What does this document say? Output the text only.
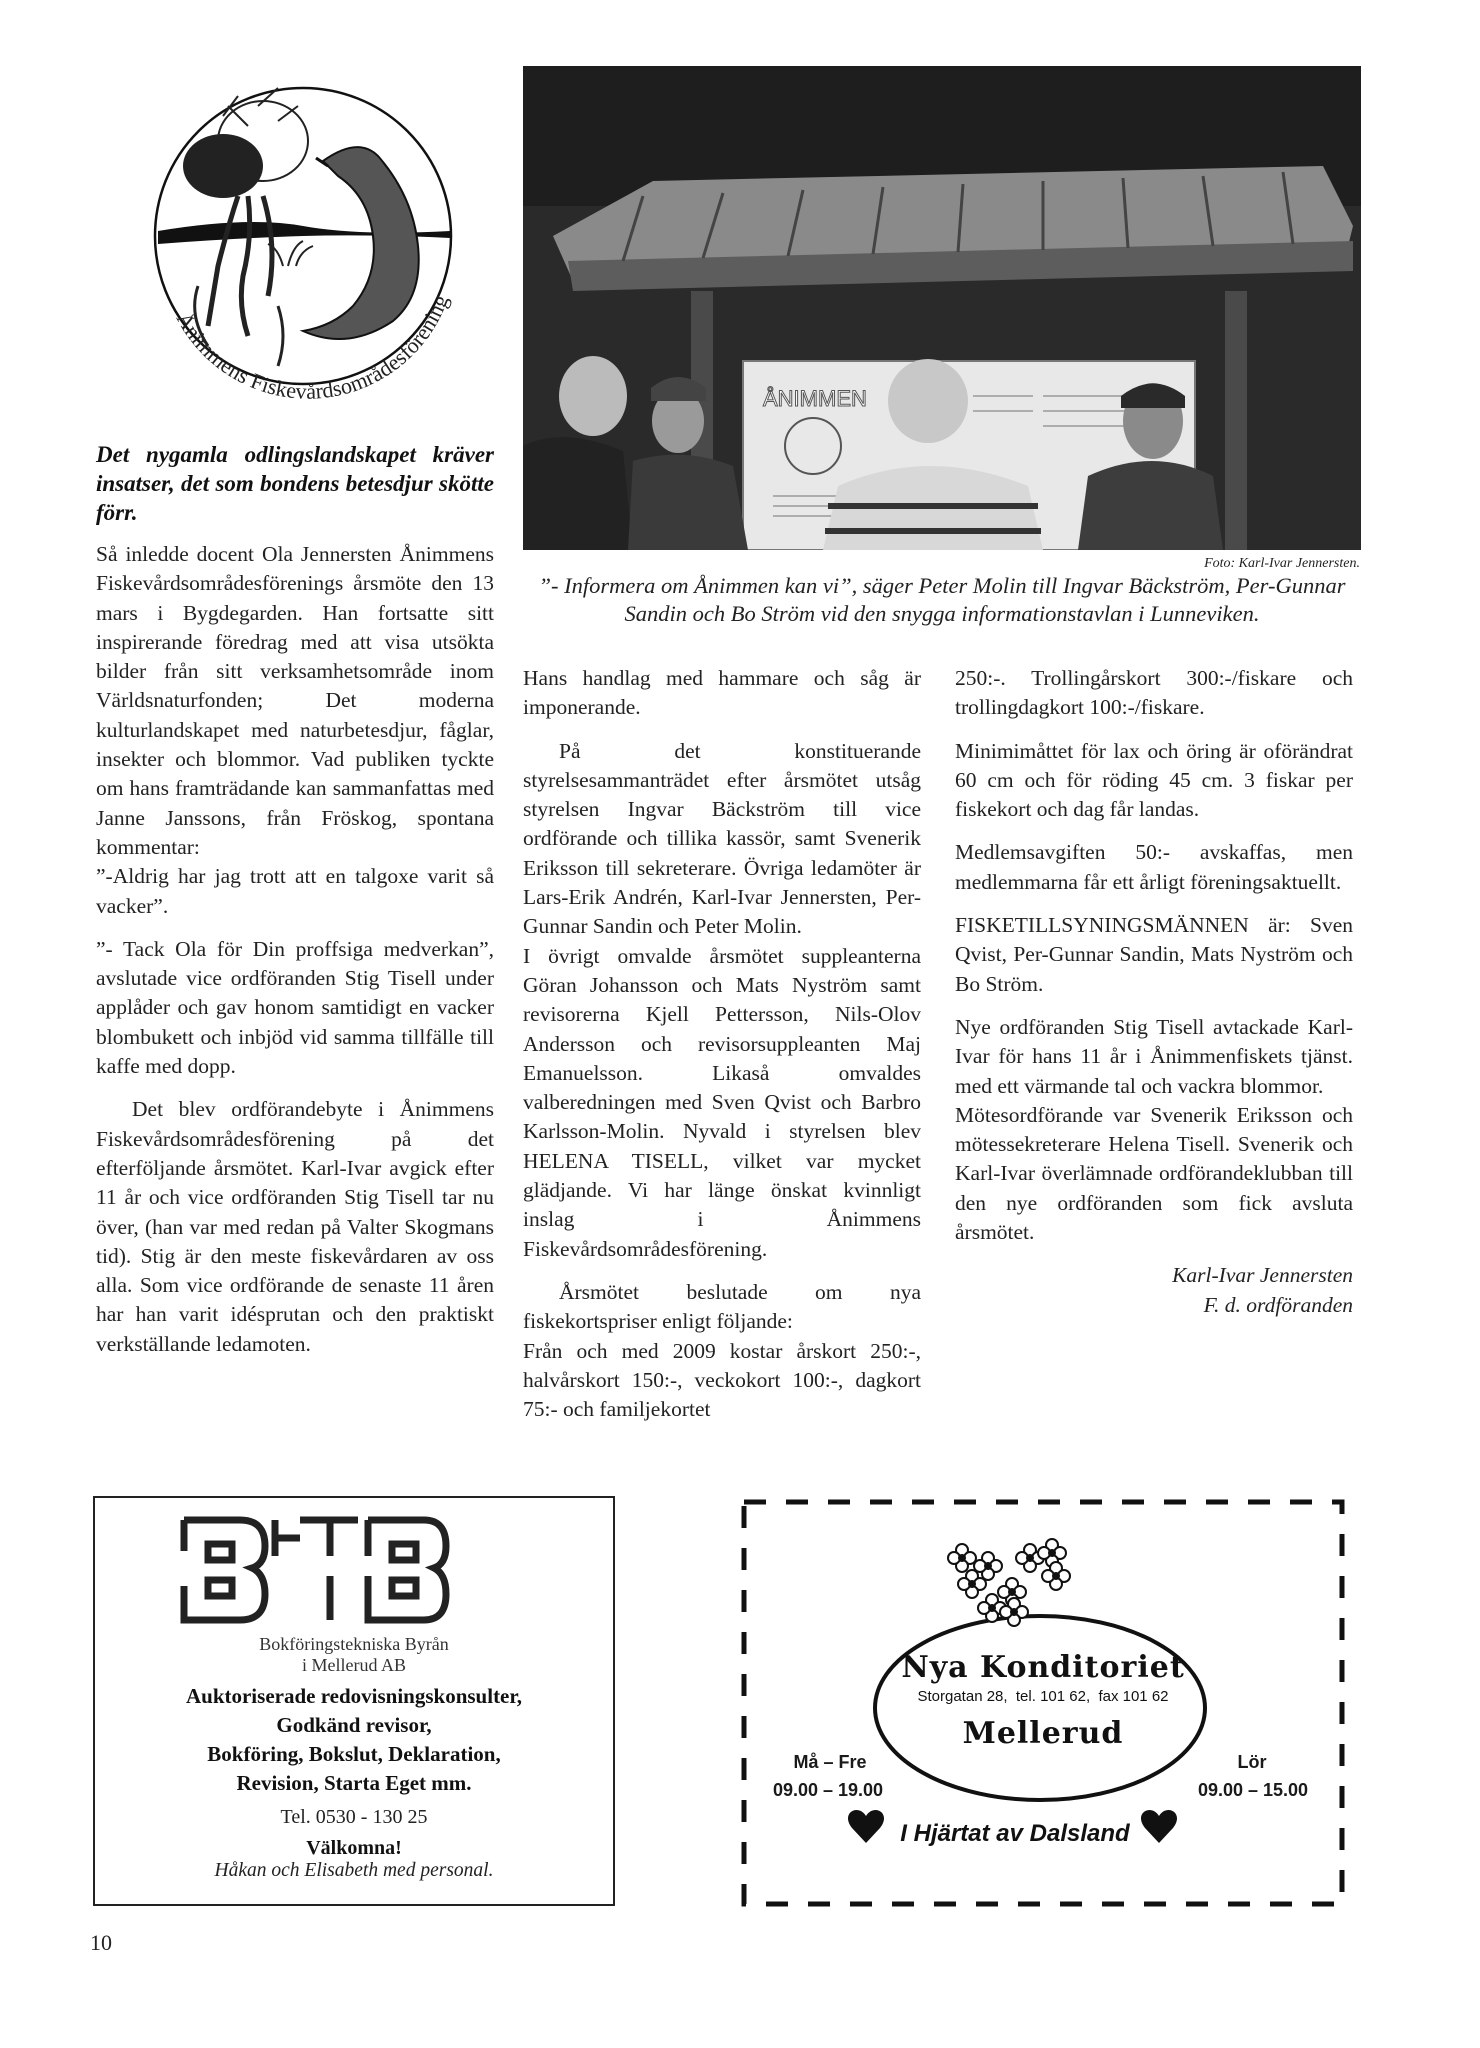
Ånimmens Fiskevårdsområdesförening
Det nygamla odlingslandskapet kräver insatser, det som bondens betesdjur skötte förr.

Så inledde docent Ola Jennersten Ånimmens Fiskevårdsområdesförenings årsmöte den 13 mars i Bygdegarden. Han fortsatte sitt inspirerande föredrag med att visa utsökta bilder från sitt verksamhetsområde inom Världsnaturfonden; Det moderna kulturlandskapet med naturbetesdjur, fåglar, insekter och blommor. Vad publiken tyckte om hans framträdande kan sammanfattas med Janne Janssons, från Fröskog, spontana kommentar:

”-Aldrig har jag trott att en talgoxe varit så vacker”.

”- Tack Ola för Din proffsiga medverkan”, avslutade vice ordföranden Stig Tisell under applåder och gav honom samtidigt en vacker blombukett och inbjöd vid samma tillfälle till kaffe med dopp.

Det blev ordförandebyte i Ånimmens Fiskevårdsområdesförening på det efterföljande årsmötet. Karl-Ivar avgick efter 11 år och vice ordföranden Stig Tisell tar nu över, (han var med redan på Valter Skogmans tid). Stig är den meste fiskevårdaren av oss alla. Som vice ordförande de senaste 11 åren har han varit idésprutan och den praktiskt verkställande ledamoten.

ÅNIMMEN
Foto: Karl-Ivar Jennersten.
”- Informera om Ånimmen kan vi”, säger Peter Molin till Ingvar Bäckström, Per-Gunnar Sandin och Bo Ström vid den snygga informationstavlan i Lunneviken.

Hans handlag med hammare och såg är imponerande.

På det konstituerande styrelsesammanträdet efter årsmötet utsåg styrelsen Ingvar Bäckström till vice ordförande och tillika kassör, samt Svenerik Eriksson till sekreterare. Övriga ledamöter är Lars-Erik Andrén, Karl-Ivar Jennersten, Per-Gunnar Sandin och Peter Molin.

I övrigt omvalde årsmötet suppleanterna Göran Johansson och Mats Nyström samt revisorerna Kjell Pettersson, Nils-Olov Andersson och revisorsuppleanten Maj Emanuelsson. Likaså omvaldes valberedningen med Sven Qvist och Barbro Karlsson-Molin. Nyvald i styrelsen blev HELENA TISELL, vilket var mycket glädjande. Vi har länge önskat kvinnligt inslag i Ånimmens Fiskevårdsområdesförening.

Årsmötet beslutade om nya fiskekortspriser enligt följande:

Från och med 2009 kostar årskort 250:-, halvårskort 150:-, veckokort 100:-, dagkort 75:- och familjekortet

250:-. Trollingårskort 300:-/fiskare och trollingdagkort 100:-/fiskare.

Minimimåttet för lax och öring är oförändrat 60 cm och för röding 45 cm. 3 fiskar per fiskekort och dag får landas.

Medlemsavgiften 50:- avskaffas, men medlemmarna får ett årligt föreningsaktuellt.

FISKETILLSYNINGSMÄNNEN är: Sven Qvist, Per-Gunnar Sandin, Mats Nyström och Bo Ström.

Nye ordföranden Stig Tisell avtackade Karl-Ivar för hans 11 år i Ånimmenfiskets tjänst. med ett värmande tal och vackra blommor.

Mötesordförande var Svenerik Eriksson och mötessekreterare Helena Tisell. Svenerik och Karl-Ivar överlämnade ordförandeklubban till den nye ordföranden som fick avsluta årsmötet.

Karl-Ivar Jennersten
F. d. ordföranden
BTB
Bokföringstekniska Byrån
i Mellerud AB
Auktoriserade redovisningskonsulter,
Godkänd revisor,
Bokföring, Bokslut, Deklaration,
Revision, Starta Eget mm.
Tel. 0530 - 130 25
Välkomna!
Håkan och Elisabeth med personal.
Nya Konditoriet
Storgatan 28,  tel. 101 62,  fax 101 62
Mellerud
Må – Fre
09.00 – 19.00
Lör
09.00 – 15.00
I Hjärtat av Dalsland
10
